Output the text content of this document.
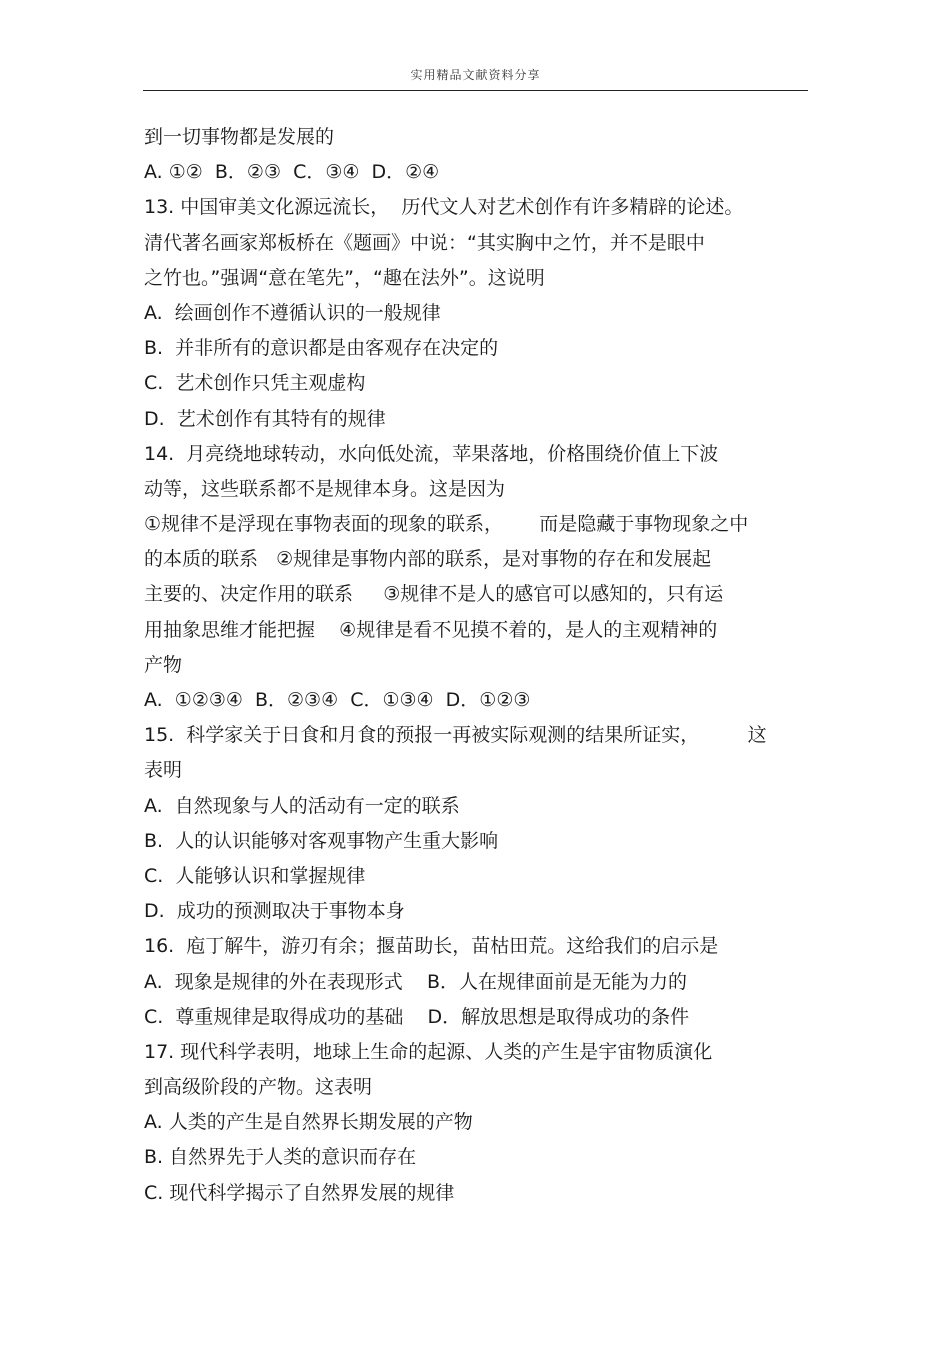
实用精品文献资料分享
到一切事物都是发展的
A. ①②  B．②③  C．③④  D．②④
13. 中国审美文化源远流长，  历代文人对艺术创作有许多精辟的论述。
清代著名画家郑板桥在《题画》中说：“其实胸中之竹，并不是眼中
之竹也。”强调“意在笔先”，“趣在法外”。这说明
A.  绘画创作不遵循认识的一般规律
B.  并非所有的意识都是由客观存在决定的
C.  艺术创作只凭主观虚构
D.  艺术创作有其特有的规律
14.  月亮绕地球转动，水向低处流，苹果落地，价格围绕价值上下波
动等，这些联系都不是规律本身。这是因为
①规律不是浮现在事物表面的现象的联系，      而是隐藏于事物现象之中
的本质的联系   ②规律是事物内部的联系，是对事物的存在和发展起
主要的、决定作用的联系     ③规律不是人的感官可以感知的，只有运
用抽象思维才能把握    ④规律是看不见摸不着的，是人的主观精神的
产物
A.  ①②③④  B．②③④  C．①③④  D．①②③
15.  科学家关于日食和月食的预报一再被实际观测的结果所证实，        这
表明
A.  自然现象与人的活动有一定的联系
B.  人的认识能够对客观事物产生重大影响
C.  人能够认识和掌握规律
D.  成功的预测取决于事物本身
16.  庖丁解牛，游刃有余；揠苗助长，苗枯田荒。这给我们的启示是
A.  现象是规律的外在表现形式    B．人在规律面前是无能为力的
C.  尊重规律是取得成功的基础    D．解放思想是取得成功的条件
17. 现代科学表明，地球上生命的起源、人类的产生是宇宙物质演化
到高级阶段的产物。这表明
A. 人类的产生是自然界长期发展的产物
B. 自然界先于人类的意识而存在
C. 现代科学揭示了自然界发展的规律
